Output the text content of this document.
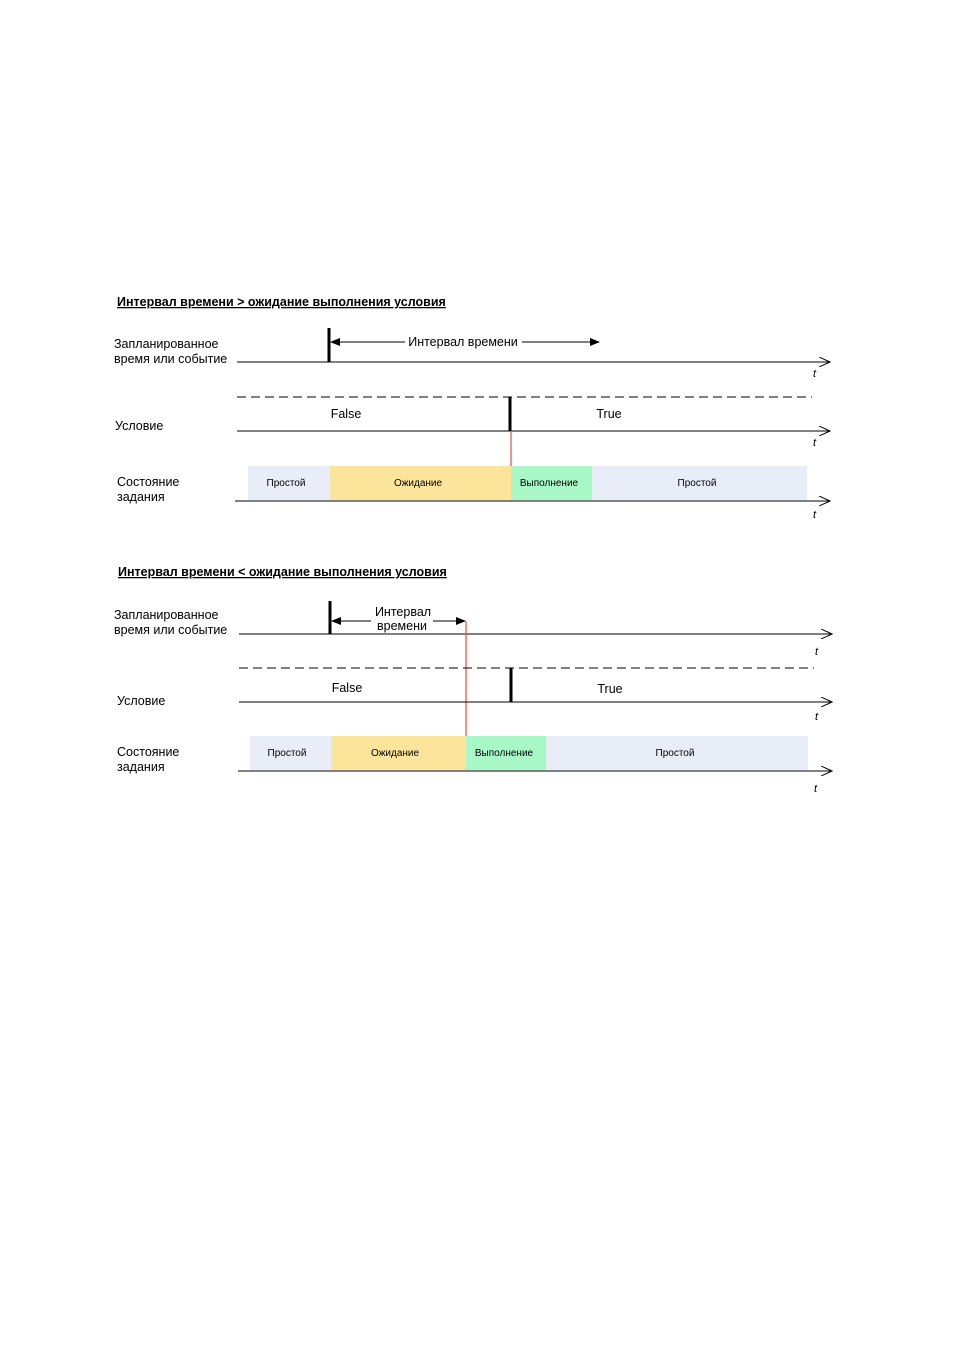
Интервал времени > ожидание выполнения условия
Запланированное
время или событие
Условие
Состояние
задания
t
Интервал времени
t
False	True
Простой	Ожидание	Выполнение	Простой
t
Интервал времени < ожидание выполнения условия
Запланированное
время или событие
Условие
Состояние
задания
t
Интервал
времени
t
False	True
Простой	Ожидание	Выполнение	Простой
t
